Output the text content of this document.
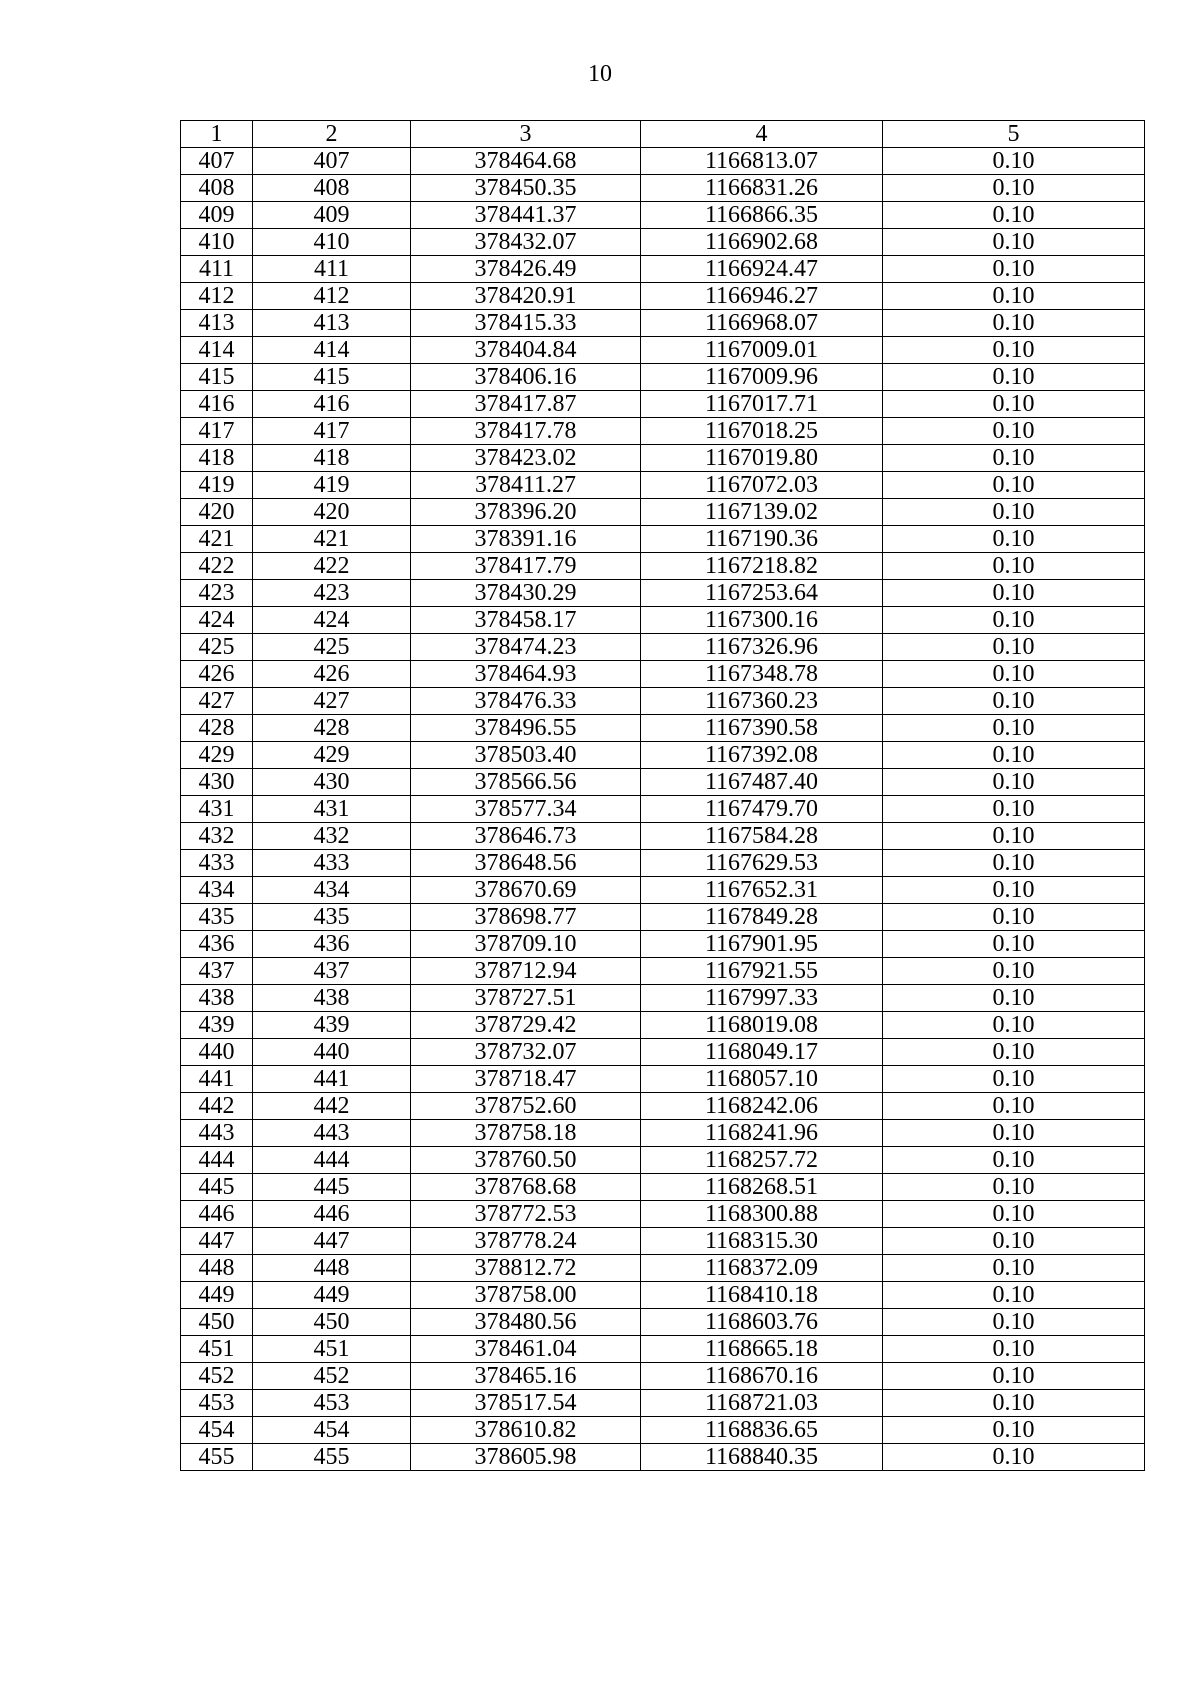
10
1	2	3	4	5
407	407	378464.68	1166813.07	0.10
408	408	378450.35	1166831.26	0.10
409	409	378441.37	1166866.35	0.10
410	410	378432.07	1166902.68	0.10
411	411	378426.49	1166924.47	0.10
412	412	378420.91	1166946.27	0.10
413	413	378415.33	1166968.07	0.10
414	414	378404.84	1167009.01	0.10
415	415	378406.16	1167009.96	0.10
416	416	378417.87	1167017.71	0.10
417	417	378417.78	1167018.25	0.10
418	418	378423.02	1167019.80	0.10
419	419	378411.27	1167072.03	0.10
420	420	378396.20	1167139.02	0.10
421	421	378391.16	1167190.36	0.10
422	422	378417.79	1167218.82	0.10
423	423	378430.29	1167253.64	0.10
424	424	378458.17	1167300.16	0.10
425	425	378474.23	1167326.96	0.10
426	426	378464.93	1167348.78	0.10
427	427	378476.33	1167360.23	0.10
428	428	378496.55	1167390.58	0.10
429	429	378503.40	1167392.08	0.10
430	430	378566.56	1167487.40	0.10
431	431	378577.34	1167479.70	0.10
432	432	378646.73	1167584.28	0.10
433	433	378648.56	1167629.53	0.10
434	434	378670.69	1167652.31	0.10
435	435	378698.77	1167849.28	0.10
436	436	378709.10	1167901.95	0.10
437	437	378712.94	1167921.55	0.10
438	438	378727.51	1167997.33	0.10
439	439	378729.42	1168019.08	0.10
440	440	378732.07	1168049.17	0.10
441	441	378718.47	1168057.10	0.10
442	442	378752.60	1168242.06	0.10
443	443	378758.18	1168241.96	0.10
444	444	378760.50	1168257.72	0.10
445	445	378768.68	1168268.51	0.10
446	446	378772.53	1168300.88	0.10
447	447	378778.24	1168315.30	0.10
448	448	378812.72	1168372.09	0.10
449	449	378758.00	1168410.18	0.10
450	450	378480.56	1168603.76	0.10
451	451	378461.04	1168665.18	0.10
452	452	378465.16	1168670.16	0.10
453	453	378517.54	1168721.03	0.10
454	454	378610.82	1168836.65	0.10
455	455	378605.98	1168840.35	0.10
